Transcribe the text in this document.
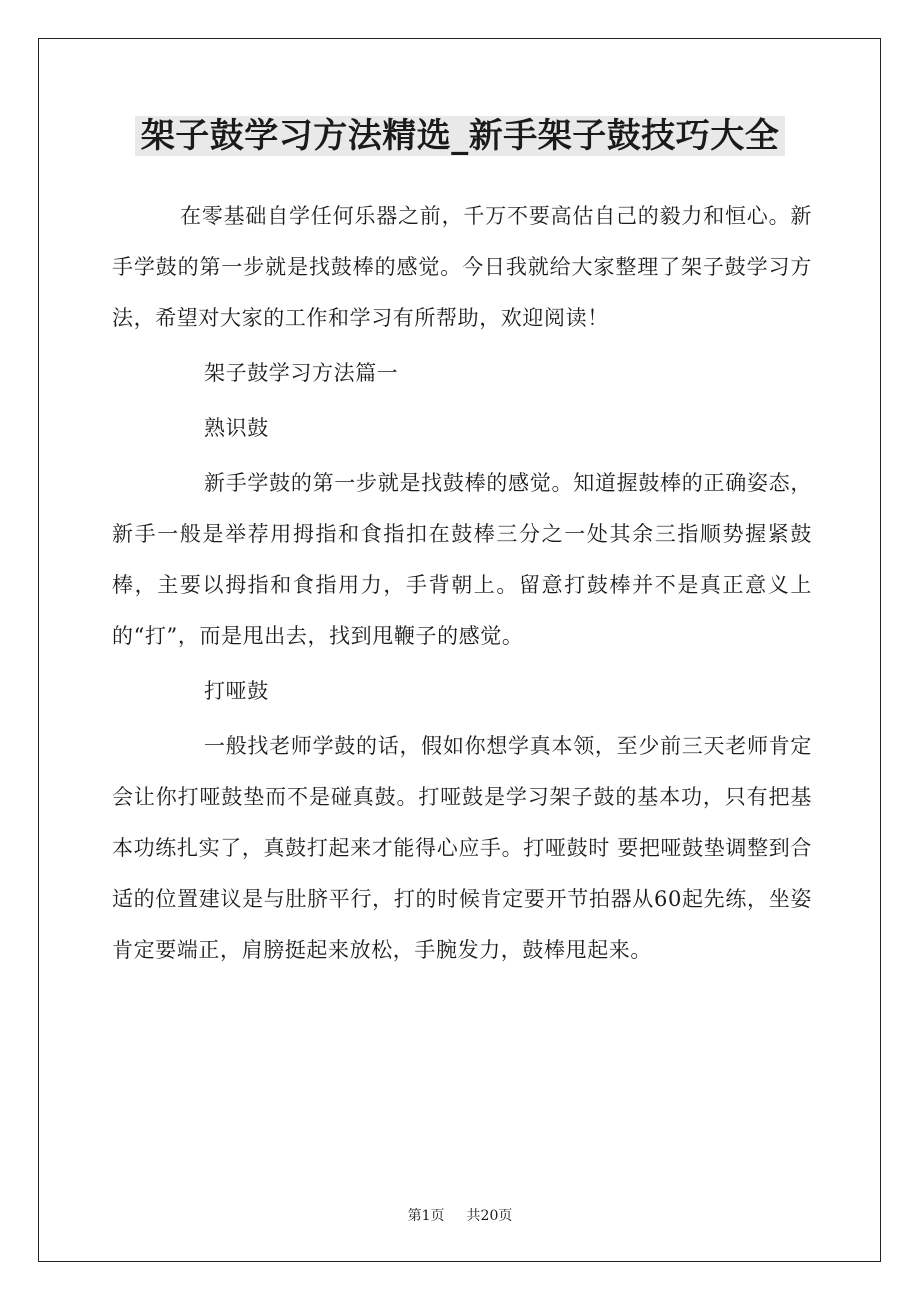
架子鼓学习方法精选_新手架子鼓技巧大全

在零基础自学任何乐器之前，千万不要高估自己的毅力和恒心。新手学鼓的第一步就是找鼓棒的感觉。今日我就给大家整理了架子鼓学习方法，希望对大家的工作和学习有所帮助，欢迎阅读！

架子鼓学习方法篇一

熟识鼓

新手学鼓的第一步就是找鼓棒的感觉。知道握鼓棒的正确姿态，新手一般是举荐用拇指和食指扣在鼓棒三分之一处其余三指顺势握紧鼓棒，主要以拇指和食指用力，手背朝上。留意打鼓棒并不是真正意义上的“打”，而是甩出去，找到甩鞭子的感觉。

打哑鼓

一般找老师学鼓的话，假如你想学真本领，至少前三天老师肯定会让你打哑鼓垫而不是碰真鼓。打哑鼓是学习架子鼓的基本功，只有把基本功练扎实了，真鼓打起来才能得心应手。打哑鼓时 要把哑鼓垫调整到合适的位置建议是与肚脐平行，打的时候肯定要开节拍器从60起先练，坐姿肯定要端正，肩膀挺起来放松，手腕发力，鼓棒甩起来。

第1页 共20页
